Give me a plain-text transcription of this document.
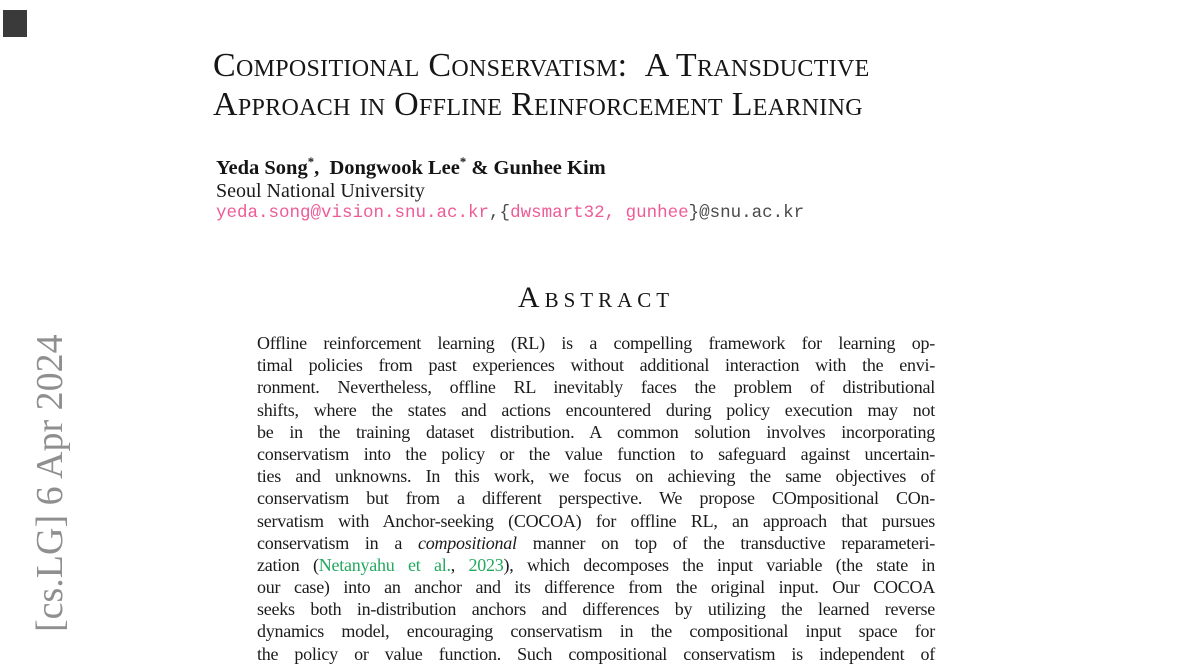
[cs.LG] 6 Apr 2024
Compositional Conservatism: A Transductive
Approach in Offline Reinforcement Learning
Yeda Song*, Dongwook Lee* & Gunhee Kim
Seoul National University
yeda.song@vision.snu.ac.kr,{dwsmart32, gunhee}@snu.ac.kr
Abstract
Offline reinforcement learning (RL) is a compelling framework for learning op-
timal policies from past experiences without additional interaction with the envi-
ronment. Nevertheless, offline RL inevitably faces the problem of distributional
shifts, where the states and actions encountered during policy execution may not
be in the training dataset distribution. A common solution involves incorporating
conservatism into the policy or the value function to safeguard against uncertain-
ties and unknowns. In this work, we focus on achieving the same objectives of
conservatism but from a different perspective. We propose COmpositional COn-
servatism with Anchor-seeking (COCOA) for offline RL, an approach that pursues
conservatism in a compositional manner on top of the transductive reparameteri-
zation (Netanyahu et al., 2023), which decomposes the input variable (the state in
our case) into an anchor and its difference from the original input. Our COCOA
seeks both in-distribution anchors and differences by utilizing the learned reverse
dynamics model, encouraging conservatism in the compositional input space for
the policy or value function. Such compositional conservatism is independent of
